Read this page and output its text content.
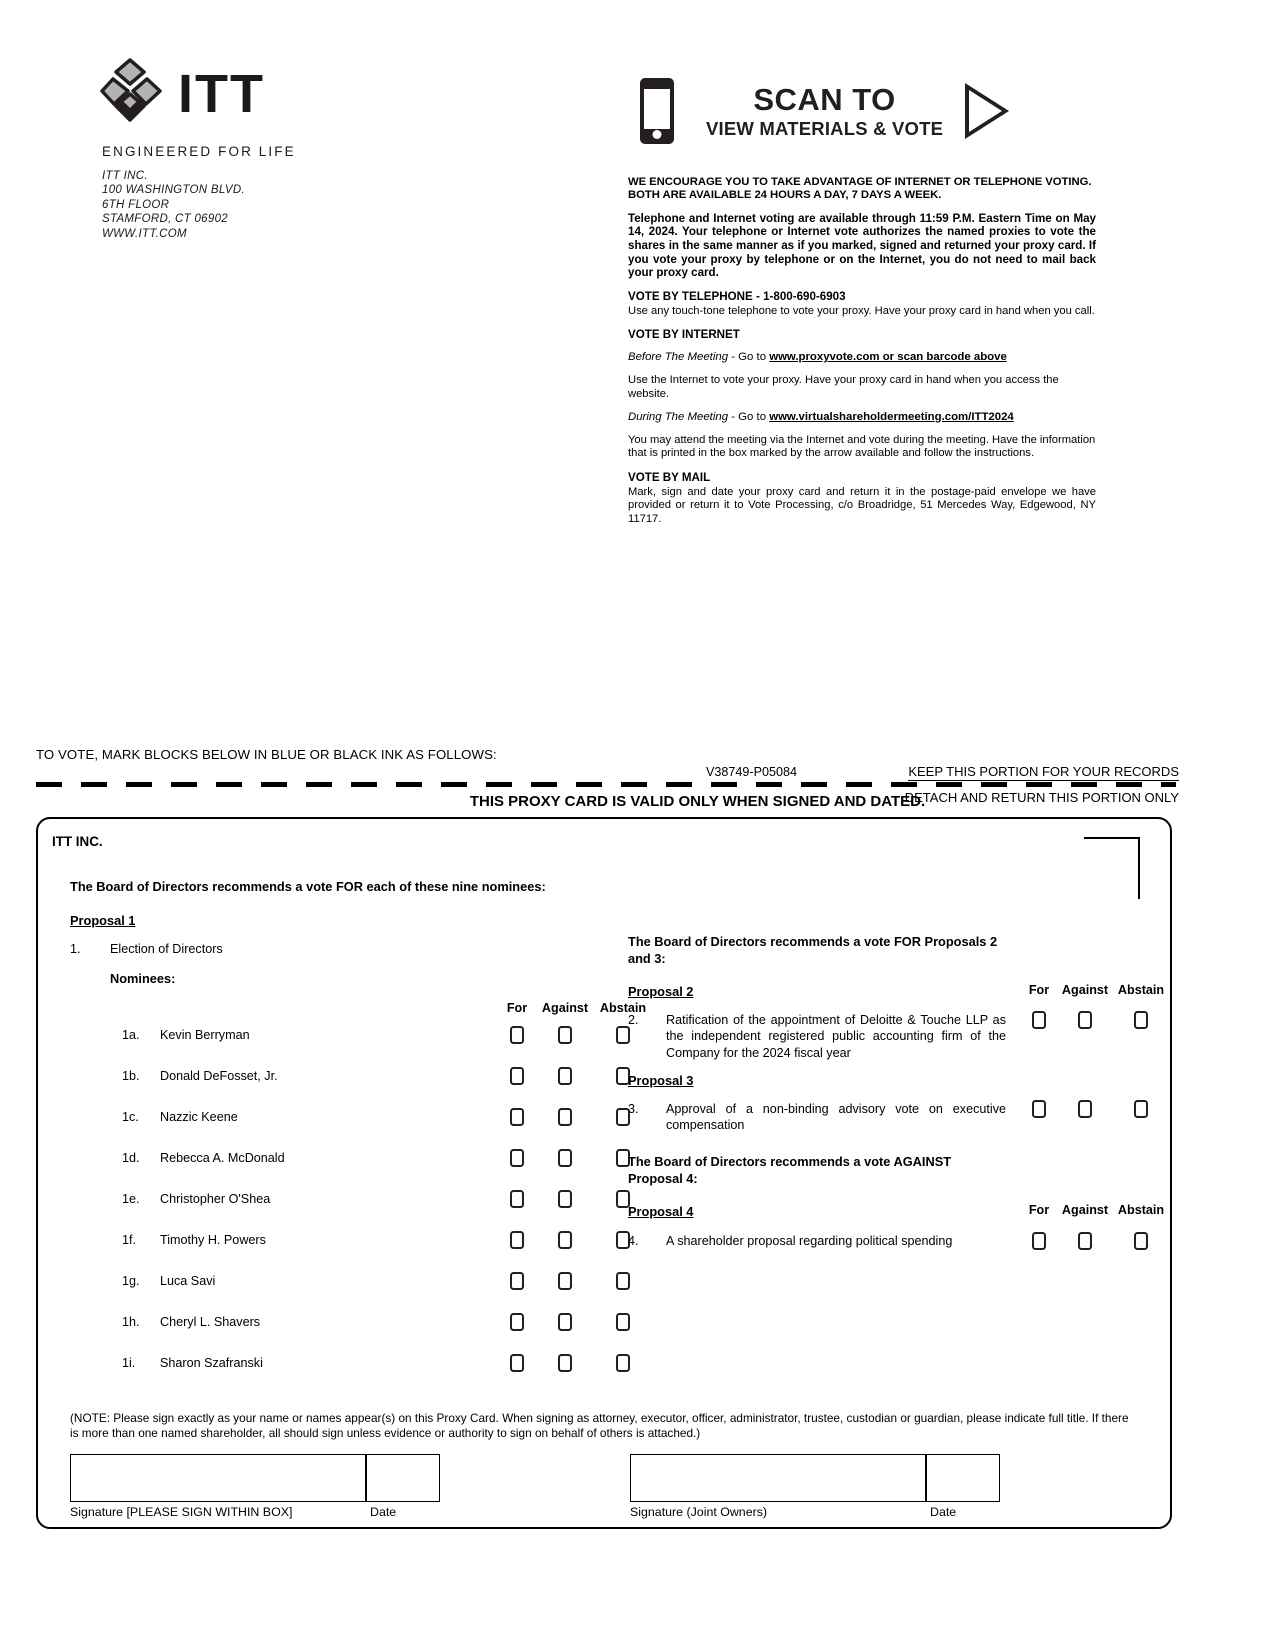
ITT
ENGINEERED FOR LIFE
ITT INC.
100 WASHINGTON BLVD.
6TH FLOOR
STAMFORD, CT 06902
WWW.ITT.COM
SCAN TO
VIEW MATERIALS & VOTE
WE ENCOURAGE YOU TO TAKE ADVANTAGE OF INTERNET OR TELEPHONE VOTING. BOTH ARE AVAILABLE 24 HOURS A DAY, 7 DAYS A WEEK.
Telephone and Internet voting are available through 11:59 P.M. Eastern Time on May 14, 2024. Your telephone or Internet vote authorizes the named proxies to vote the shares in the same manner as if you marked, signed and returned your proxy card. If you vote your proxy by telephone or on the Internet, you do not need to mail back your proxy card.
VOTE BY TELEPHONE - 1-800-690-6903
Use any touch-tone telephone to vote your proxy. Have your proxy card in hand when you call.
VOTE BY INTERNET
Before The Meeting - Go to www.proxyvote.com or scan barcode above
Use the Internet to vote your proxy. Have your proxy card in hand when you access the website.
During The Meeting - Go to www.virtualshareholdermeeting.com/ITT2024
You may attend the meeting via the Internet and vote during the meeting. Have the information that is printed in the box marked by the arrow available and follow the instructions.
VOTE BY MAIL
Mark, sign and date your proxy card and return it in the postage-paid envelope we have provided or return it to Vote Processing, c/o Broadridge, 51 Mercedes Way, Edgewood, NY 11717.
TO VOTE, MARK BLOCKS BELOW IN BLUE OR BLACK INK AS FOLLOWS:
V38749-P05084	KEEP THIS PORTION FOR YOUR RECORDS
THIS PROXY CARD IS VALID ONLY WHEN SIGNED AND DATED.
DETACH AND RETURN THIS PORTION ONLY
ITT INC.
The Board of Directors recommends a vote FOR each of these nine nominees:
Proposal 1
1.	Election of Directors
Nominees:
For	Against Abstain
1a. Kevin Berryman
1b. Donald DeFosset, Jr.
1c. Nazzic Keene
1d. Rebecca A. McDonald
1e. Christopher O'Shea
1f. Timothy H. Powers
1g. Luca Savi
1h. Cheryl L. Shavers
1i. Sharon Szafranski
The Board of Directors recommends a vote FOR Proposals 2 and 3:
Proposal 2	For	Against Abstain
2. Ratification of the appointment of Deloitte & Touche LLP as the independent registered public accounting firm of the Company for the 2024 fiscal year
Proposal 3
3. Approval of a non-binding advisory vote on executive compensation
The Board of Directors recommends a vote AGAINST Proposal 4:
Proposal 4	For	Against Abstain
4. A shareholder proposal regarding political spending
(NOTE: Please sign exactly as your name or names appear(s) on this Proxy Card. When signing as attorney, executor, officer, administrator, trustee, custodian or guardian, please indicate full title. If there is more than one named shareholder, all should sign unless evidence or authority to sign on behalf of others is attached.)
Signature [PLEASE SIGN WITHIN BOX]	Date	Signature (Joint Owners)	Date
